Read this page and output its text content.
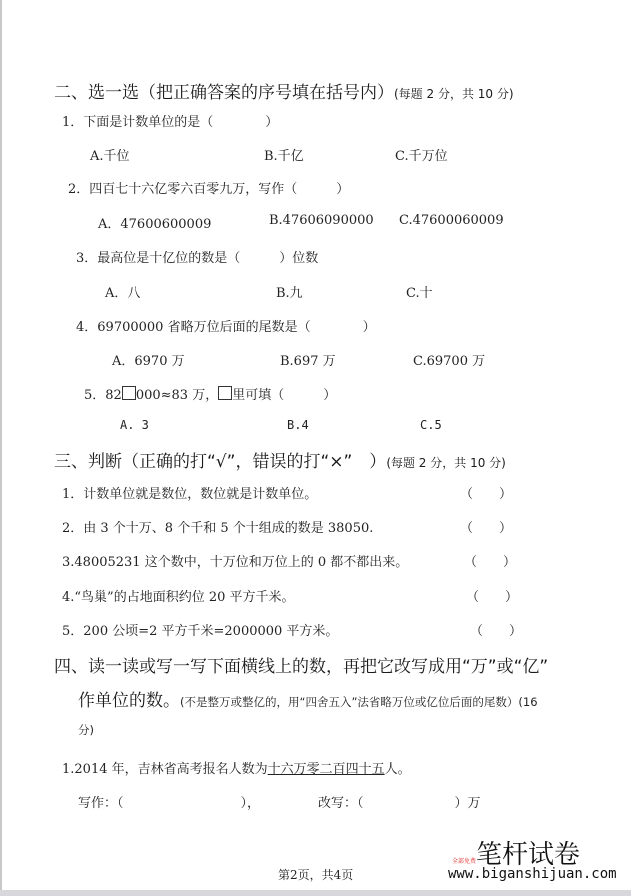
二、选一选（把正确答案的序号填在括号内）(每题 2 分，共 10 分)
1．下面是计数单位的是（　　　　）
A.千位	B.千亿	C.千万位
2．四百七十六亿零六百零九万，写作（　　　）
A．47600600009	B.47606090000 C.47600060009
3．最高位是十亿位的数是（　　　）位数
A．八	B.九	C.十
4．69700000 省略万位后面的尾数是（　　　　）
A．6970 万	B.697 万	C.69700 万
5．82 000≈83 万， 里可填（　　　）
A. 3	B.4	C.5
三、判断（正确的打“√”，错误的打“×”　）(每题 2 分，共 10 分)
1．计数单位就是数位，数位就是计数单位。	（　　）
2．由 3 个十万、8 个千和 5 个十组成的数是 38050.	（　　）
3.48005231 这个数中，十万位和万位上的 0 都不都出来。	（　　）
4.“鸟巢”的占地面积约位 20 平方千米。	（　　）
5．200 公顷=2 平方千米=2000000 平方米。	（　　）
四、读一读或写一写下面横线上的数，再把它改写成用“万”或“亿”
作单位的数。(不是整万或整亿的，用“四舍五入”法省略万位或亿位后面的尾数）(16
分)
1.2014 年，吉林省高考报名人数为十六万零二百四十五人。
写作：（　　　　　　　　　），	改写：（　　　　　　　）万
第2页，共4页
全部免费笔杆试卷
www.biganshijuan.com
